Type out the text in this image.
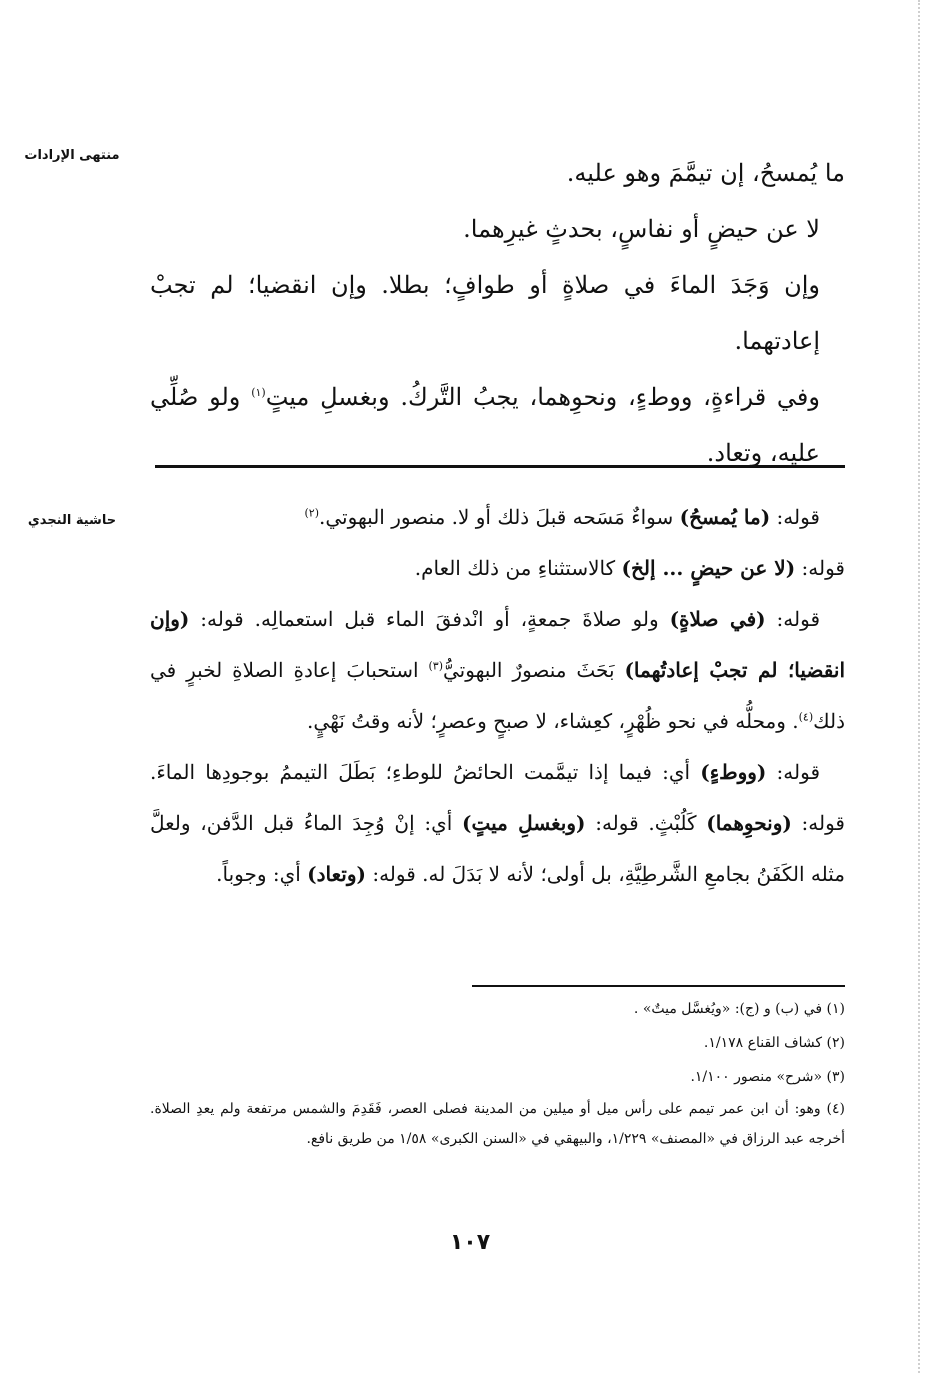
منتهى الإرادات
حاشية النجدي

ما يُمسحُ، إن تيمَّمَ وهو عليه.

لا عن حيضٍ أو نفاسٍ، بحدثٍ غيرِهما.

وإن وَجَدَ الماءَ في صلاةٍ أو طوافٍ؛ بطلا. وإن انقضيا؛ لم تجبْ إعادتهما.

وفي قراءةٍ، ووطءٍ، ونحوِهما، يجبُ التَّركُ. وبغسلِ ميتٍ$^{(١)}$ ولو صُلِّي عليه، وتعاد.

قوله: (ما يُمسحُ) سواءٌ مَسَحه قبلَ ذلك أو لا. منصور البهوتي.$^{(٢)}$

قوله: (لا عن حيضٍ ... إلخ) كالاستثناءِ من ذلك العام.

قوله: (في صلاةٍ) ولو صلاةَ جمعةٍ، أو انْدفقَ الماء قبل استعمالِه. قوله: (وإن انقضيا؛ لم تجبْ إعادتُهما) بَحَثَ منصورٌ البهوتيُّ$^{(٣)}$ استحبابَ إعادةِ الصلاةِ لخبرٍ في ذلك$^{(٤)}$. ومحلُّه في نحو ظُهْرٍ، كعِشاء، لا صبحٍ وعصرٍ؛ لأنه وقتُ نَهْيٍ.

قوله: (ووطءٍ) أي: فيما إذا تيمَّمت الحائضُ للوطءِ؛ بَطَلَ التيممُ بوجودِها الماءَ. قوله: (ونحوِهما) كَلُبْثٍ. قوله: (وبغسلِ ميتٍ) أي: إنْ وُجِدَ الماءُ قبل الدَّفن، ولعلَّ مثله الكَفَنُ بجامعِ الشَّرطِيَّةِ، بل أولى؛ لأنه لا بَدَلَ له. قوله: (وتعاد) أي: وجوباً.

(١) في (ب) و (ج): «ويُغسَّل ميتٌ» .

(٢) كشاف القناع ١/١٧٨.

(٣) «شرح» منصور ١/١٠٠.

(٤) وهو: أن ابن عمر تيمم على رأس ميل أو ميلين من المدينة فصلى العصر، فَقَدِمَ والشمس مرتفعة ولم يعدِ الصلاة. أخرجه عبد الرزاق في «المصنف» ١/٢٢٩، والبيهقي في «السنن الكبرى» ١/٥٨ من طريق نافع.

١٠٧
